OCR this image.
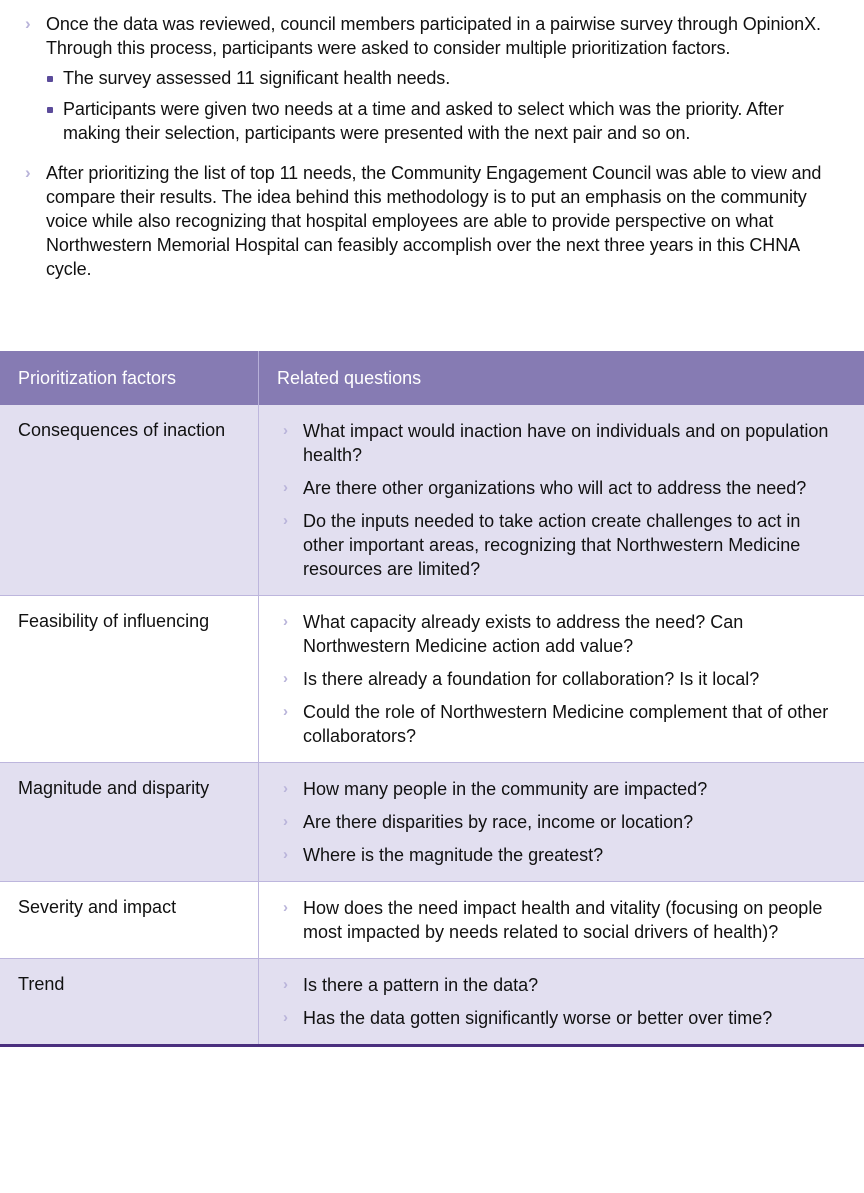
› Once the data was reviewed, council members participated in a pairwise survey through OpinionX. Through this process, participants were asked to consider multiple prioritization factors.
The survey assessed 11 significant health needs.
Participants were given two needs at a time and asked to select which was the priority. After making their selection, participants were presented with the next pair and so on.
› After prioritizing the list of top 11 needs, the Community Engagement Council was able to view and compare their results. The idea behind this methodology is to put an emphasis on the community voice while also recognizing that hospital employees are able to provide perspective on what Northwestern Memorial Hospital can feasibly accomplish over the next three years in this CHNA cycle.
Prioritization factors	Related questions
Consequences of inaction	› What impact would inaction have on individuals and on population health?
› Are there other organizations who will act to address the need?
› Do the inputs needed to take action create challenges to act in other important areas, recognizing that Northwestern Medicine resources are limited?

Feasibility of influencing	› What capacity already exists to address the need? Can Northwestern Medicine action add value?
› Is there already a foundation for collaboration? Is it local?
› Could the role of Northwestern Medicine complement that of other collaborators?

Magnitude and disparity	› How many people in the community are impacted?
› Are there disparities by race, income or location?
› Where is the magnitude the greatest?

Severity and impact	› How does the need impact health and vitality (focusing on people most impacted by needs related to social drivers of health)?

Trend	› Is there a pattern in the data?
› Has the data gotten significantly worse or better over time?
